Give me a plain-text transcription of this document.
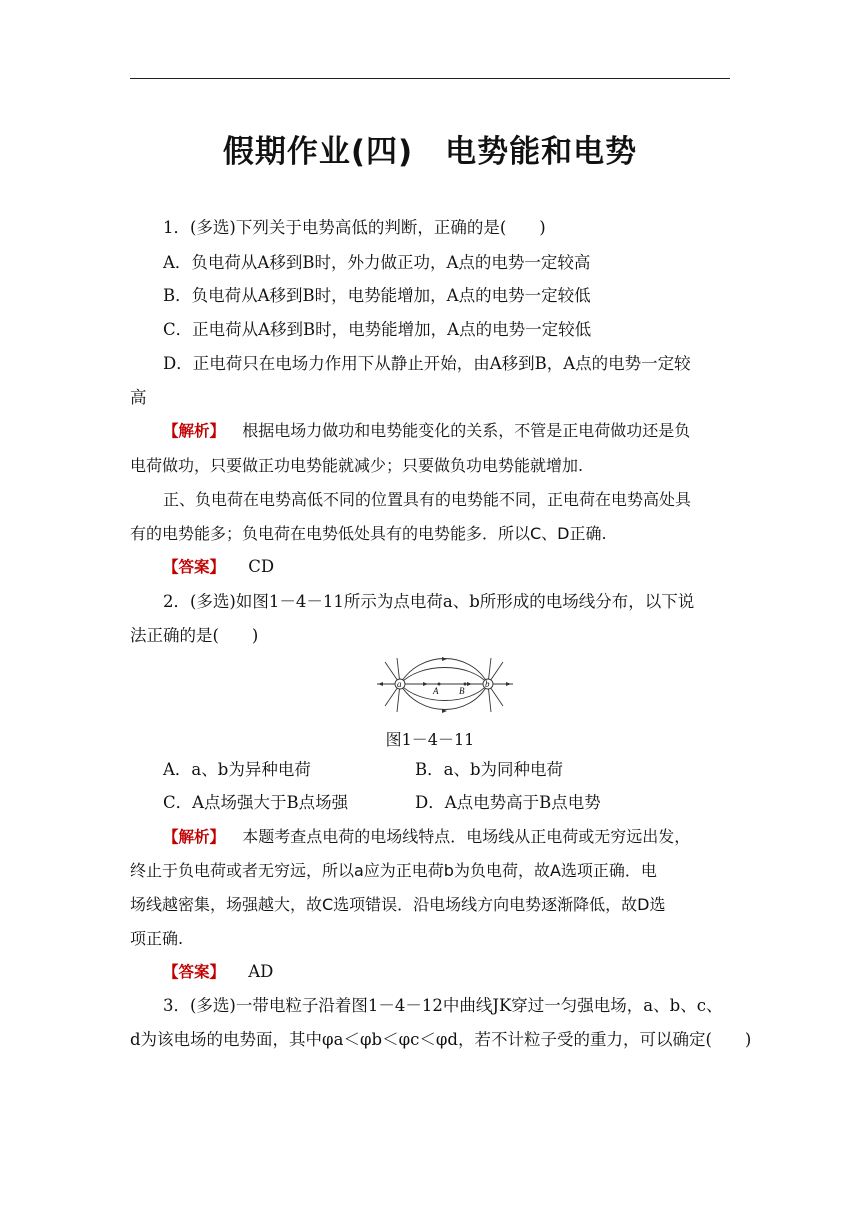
假期作业(四)　电势能和电势
1．(多选)下列关于电势高低的判断，正确的是(　　)
A．负电荷从A移到B时，外力做正功，A点的电势一定较高
B．负电荷从A移到B时，电势能增加，A点的电势一定较低
C．正电荷从A移到B时，电势能增加，A点的电势一定较低
D．正电荷只在电场力作用下从静止开始，由A移到B，A点的电势一定较
高
【解析】 根据电场力做功和电势能变化的关系，不管是正电荷做功还是负
电荷做功，只要做正功电势能就减少；只要做负功电势能就增加.
正、负电荷在电势高低不同的位置具有的电势能不同，正电荷在电势高处具
有的电势能多；负电荷在电势低处具有的电势能多．所以C、D正确.
【答案】 CD
2．(多选)如图1－4－11所示为点电荷a、b所形成的电场线分布，以下说
法正确的是(　　)
a
A B
b
图1－4－11
A．a、b为异种电荷	B．a、b为同种电荷
C．A点场强大于B点场强	D．A点电势高于B点电势
【解析】 本题考查点电荷的电场线特点．电场线从正电荷或无穷远出发，
终止于负电荷或者无穷远，所以a应为正电荷b为负电荷，故A选项正确．电
场线越密集，场强越大，故C选项错误．沿电场线方向电势逐渐降低，故D选
项正确.
【答案】 AD
3．(多选)一带电粒子沿着图1－4－12中曲线JK穿过一匀强电场，a、b、c、
d为该电场的电势面，其中φa＜φb＜φc＜φd，若不计粒子受的重力，可以确定(　　)
